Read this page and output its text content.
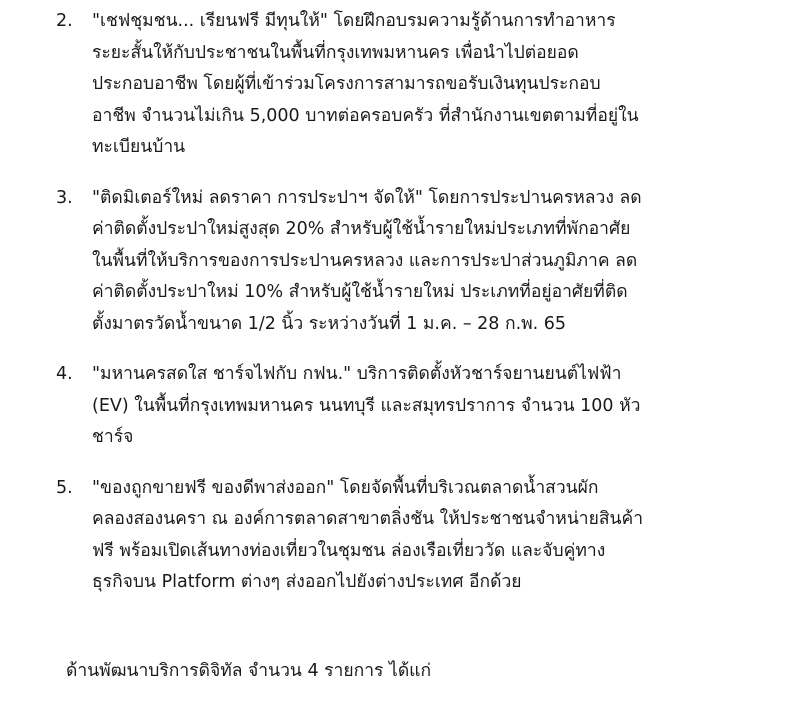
2. "เชฟชุมชน... เรียนฟรี มีทุนให้" โดยฝึกอบรมความรู้ด้านการทำอาหาร
ระยะสั้นให้กับประชาชนในพื้นที่กรุงเทพมหานคร เพื่อนำไปต่อยอด
ประกอบอาชีพ โดยผู้ที่เข้าร่วมโครงการสามารถขอรับเงินทุนประกอบ
อาชีพ จำนวนไม่เกิน 5,000 บาทต่อครอบครัว ที่สำนักงานเขตตามที่อยู่ใน
ทะเบียนบ้าน
3. "ติดมิเตอร์ใหม่ ลดราคา การประปาฯ จัดให้" โดยการประปานครหลวง ลด
ค่าติดตั้งประปาใหม่สูงสุด 20% สำหรับผู้ใช้น้ำรายใหม่ประเภทที่พักอาศัย
ในพื้นที่ให้บริการของการประปานครหลวง และการประปาส่วนภูมิภาค ลด
ค่าติดตั้งประปาใหม่ 10% สำหรับผู้ใช้น้ำรายใหม่ ประเภทที่อยู่อาศัยที่ติด
ตั้งมาตรวัดน้ำขนาด 1/2 นิ้ว ระหว่างวันที่ 1 ม.ค. – 28 ก.พ. 65
4. "มหานครสดใส ชาร์จไฟกับ กฟน." บริการติดตั้งหัวชาร์จยานยนต์ไฟฟ้า
(EV) ในพื้นที่กรุงเทพมหานคร นนทบุรี และสมุทรปราการ จำนวน 100 หัว
ชาร์จ
5. "ของถูกขายฟรี ของดีพาส่งออก" โดยจัดพื้นที่บริเวณตลาดน้ำสวนผัก
คลองสองนครา ณ องค์การตลาดสาขาตลิ่งชัน ให้ประชาชนจำหน่ายสินค้า
ฟรี พร้อมเปิดเส้นทางท่องเที่ยวในชุมชน ล่องเรือเที่ยววัด และจับคู่ทาง
ธุรกิจบน Platform ต่างๆ ส่งออกไปยังต่างประเทศ อีกด้วย
ด้านพัฒนาบริการดิจิทัล จำนวน 4 รายการ ได้แก่
